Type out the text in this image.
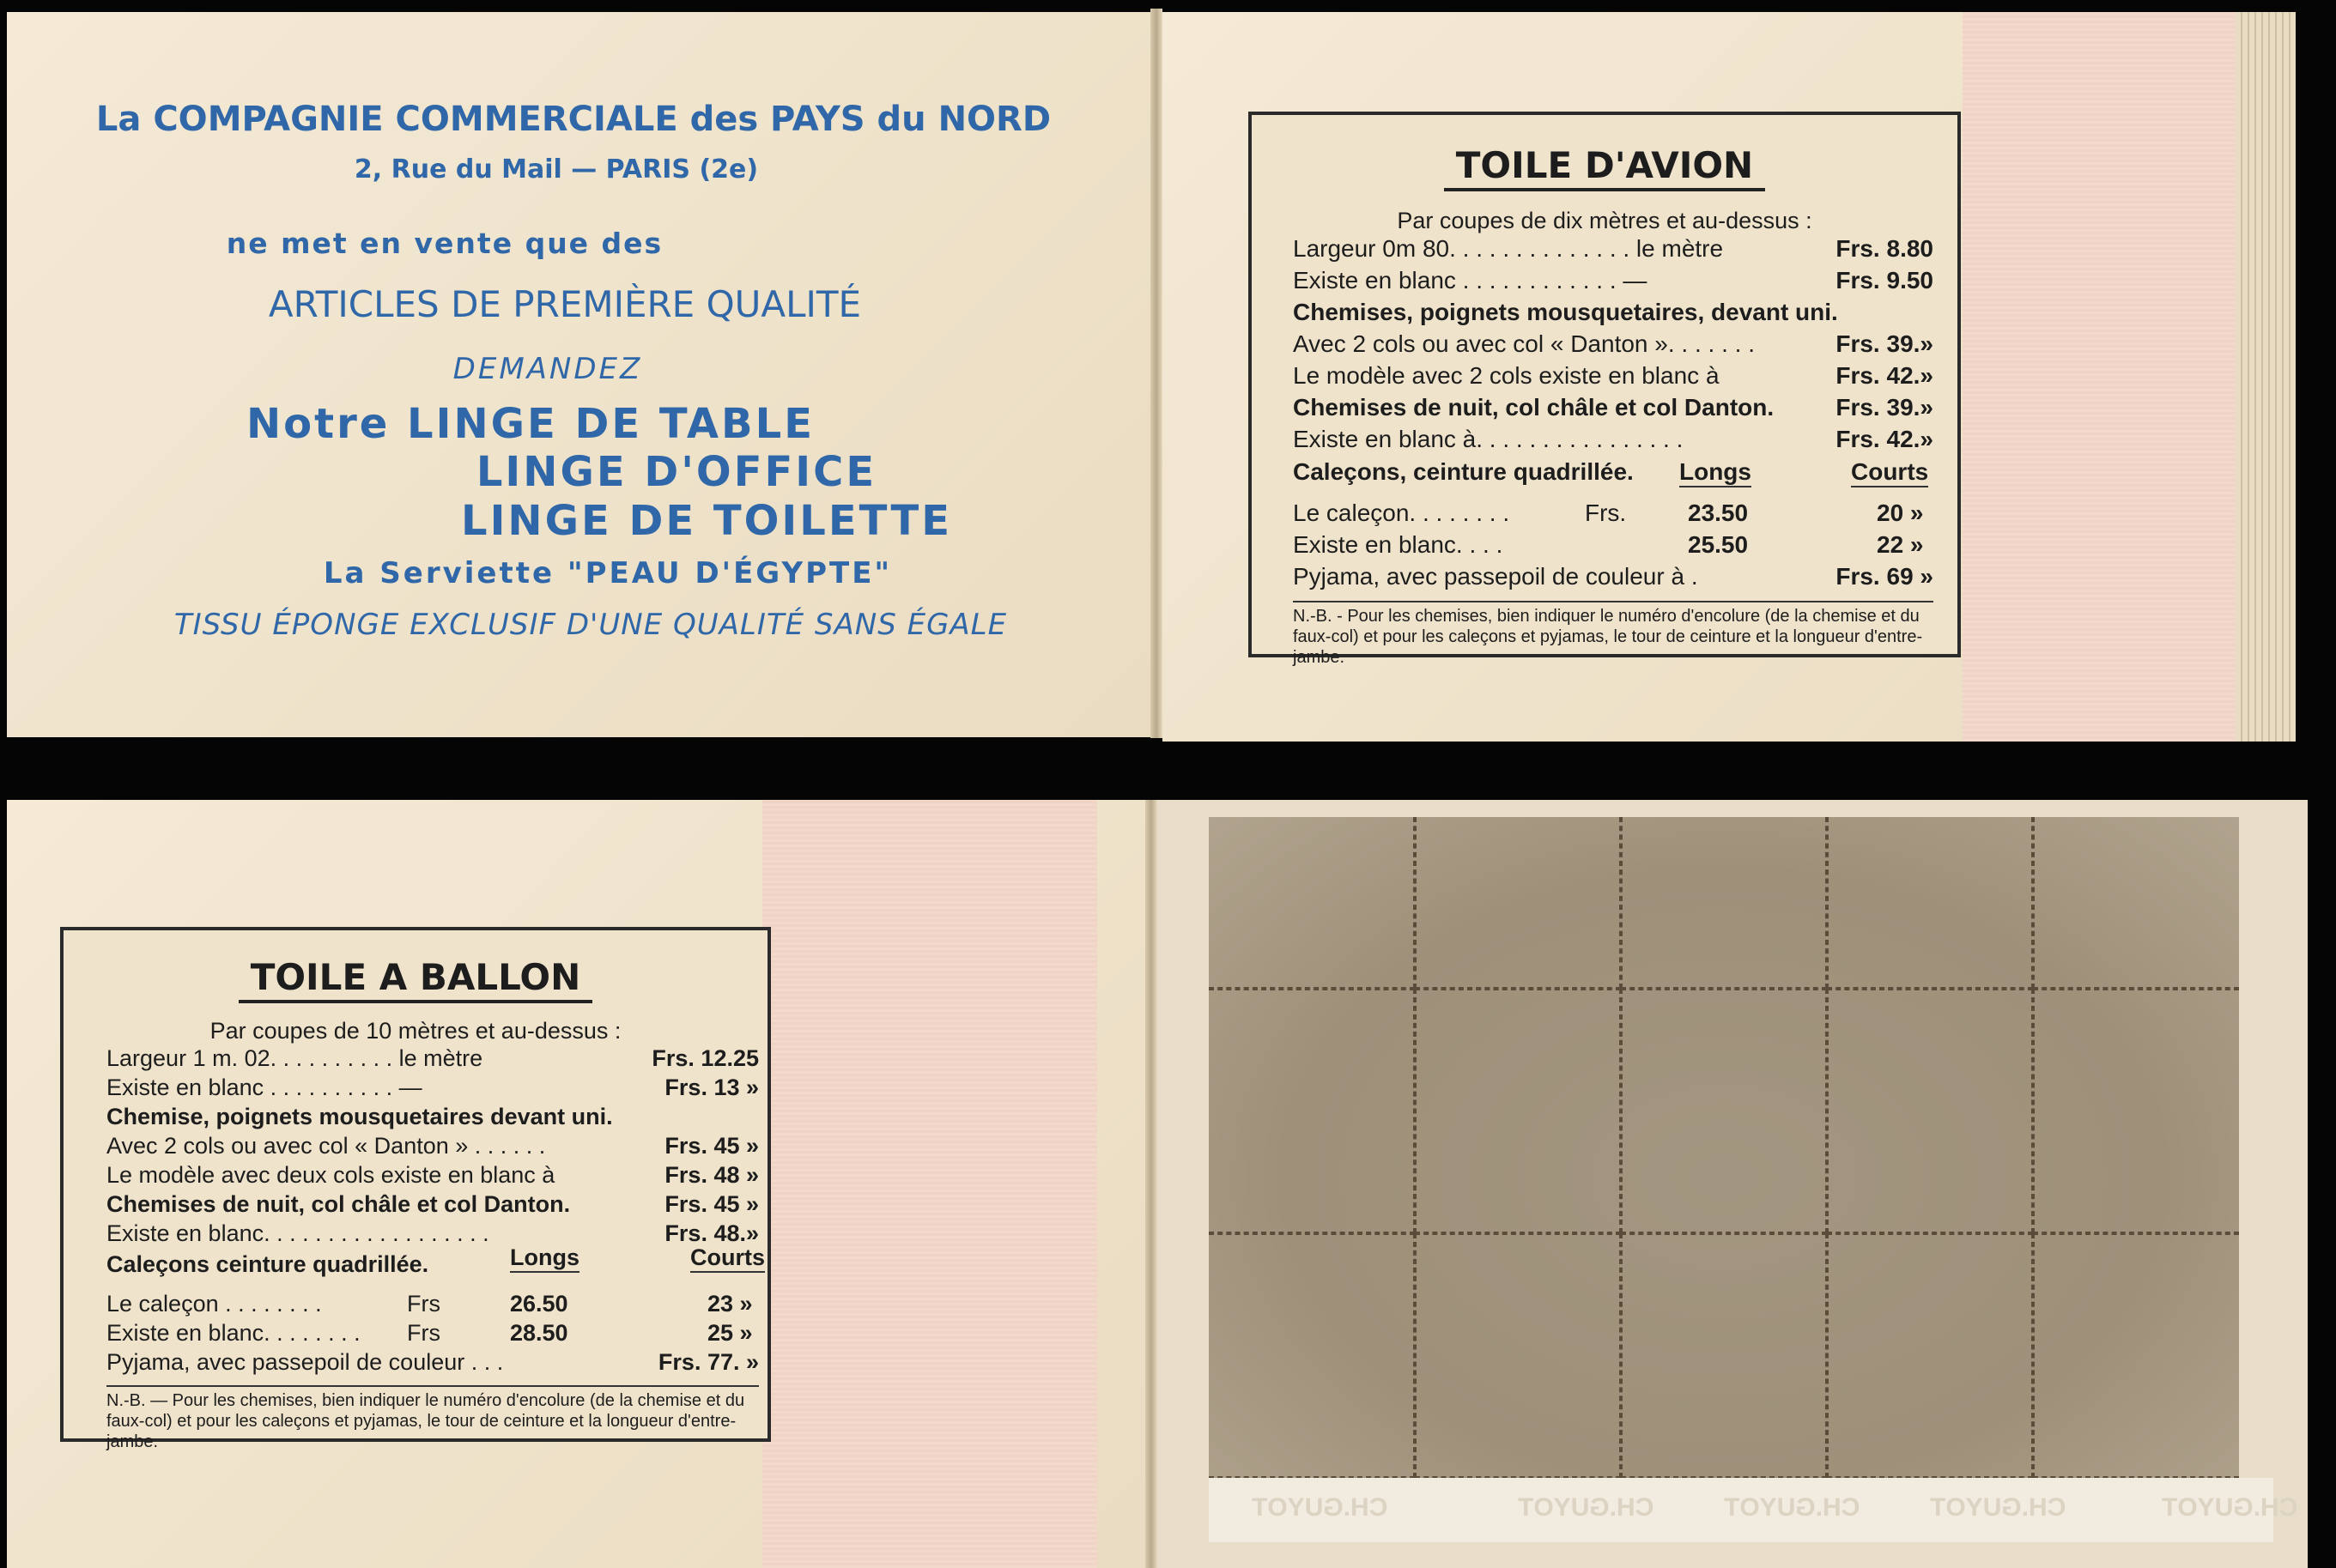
La COMPAGNIE COMMERCIALE des PAYS du NORD
2, Rue du Mail — PARIS (2e)
ne met en vente que des
ARTICLES DE PREMIÈRE QUALITÉ
DEMANDEZ
Notre LINGE DE TABLE
LINGE D'OFFICE
LINGE DE TOILETTE
La Serviette "PEAU D'ÉGYPTE"
TISSU ÉPONGE EXCLUSIF D'UNE QUALITÉ SANS ÉGALE
TOILE D'AVION
Par coupes de dix mètres et au-dessus :
Largeur 0m 80. . . . . . . . . . . . . . le mètre	Frs. 8.80
Existe en blanc . . . . . . . . . . . . —	Frs. 9.50
Chemises, poignets mousquetaires, devant uni.
Avec 2 cols ou avec col « Danton ». . . . . . .	Frs. 39.»
Le modèle avec 2 cols existe en blanc à	Frs. 42.»
Chemises de nuit, col châle et col Danton.	Frs. 39.»
Existe en blanc à. . . . . . . . . . . . . . . .	Frs. 42.»
Caleçons, ceinture quadrillée. Longs	Courts
Le caleçon. . . . . . . .	Frs.	23.50	20 »
Existe en blanc. . . .	25.50	22 »
Pyjama, avec passepoil de couleur à .	Frs. 69 »
N.-B. - Pour les chemises, bien indiquer le numéro d'encolure (de la chemise et du faux-col) et pour les caleçons et pyjamas, le tour de ceinture et la longueur d'entre-jambe.
TOILE A BALLON
Par coupes de 10 mètres et au-dessus :
Largeur 1 m. 02. . . . . . . . . . le mètre	Frs. 12.25
Existe en blanc . . . . . . . . . . —	Frs. 13 »
Chemise, poignets mousquetaires devant uni.
Avec 2 cols ou avec col « Danton » . . . . . .	Frs. 45 »
Le modèle avec deux cols existe en blanc à	Frs. 48 »
Chemises de nuit, col châle et col Danton.	Frs. 45 »
Existe en blanc. . . . . . . . . . . . . . . . . .	Frs. 48.»
Caleçons ceinture quadrillée.	Longs	Courts
Le caleçon . . . . . . . .	Frs	26.50	23 »
Existe en blanc. . . . . . . . Frs	28.50	25 »
Pyjama, avec passepoil de couleur . . .	Frs. 77. »
N.-B. — Pour les chemises, bien indiquer le numéro d'encolure (de la chemise et du faux-col) et pour les caleçons et pyjamas, le tour de ceinture et la longueur d'entre-jambe.
CH.GUYOT
CH.GUYOT
CH.GUYOT
CH.GUYOT
CH.GUYOT
